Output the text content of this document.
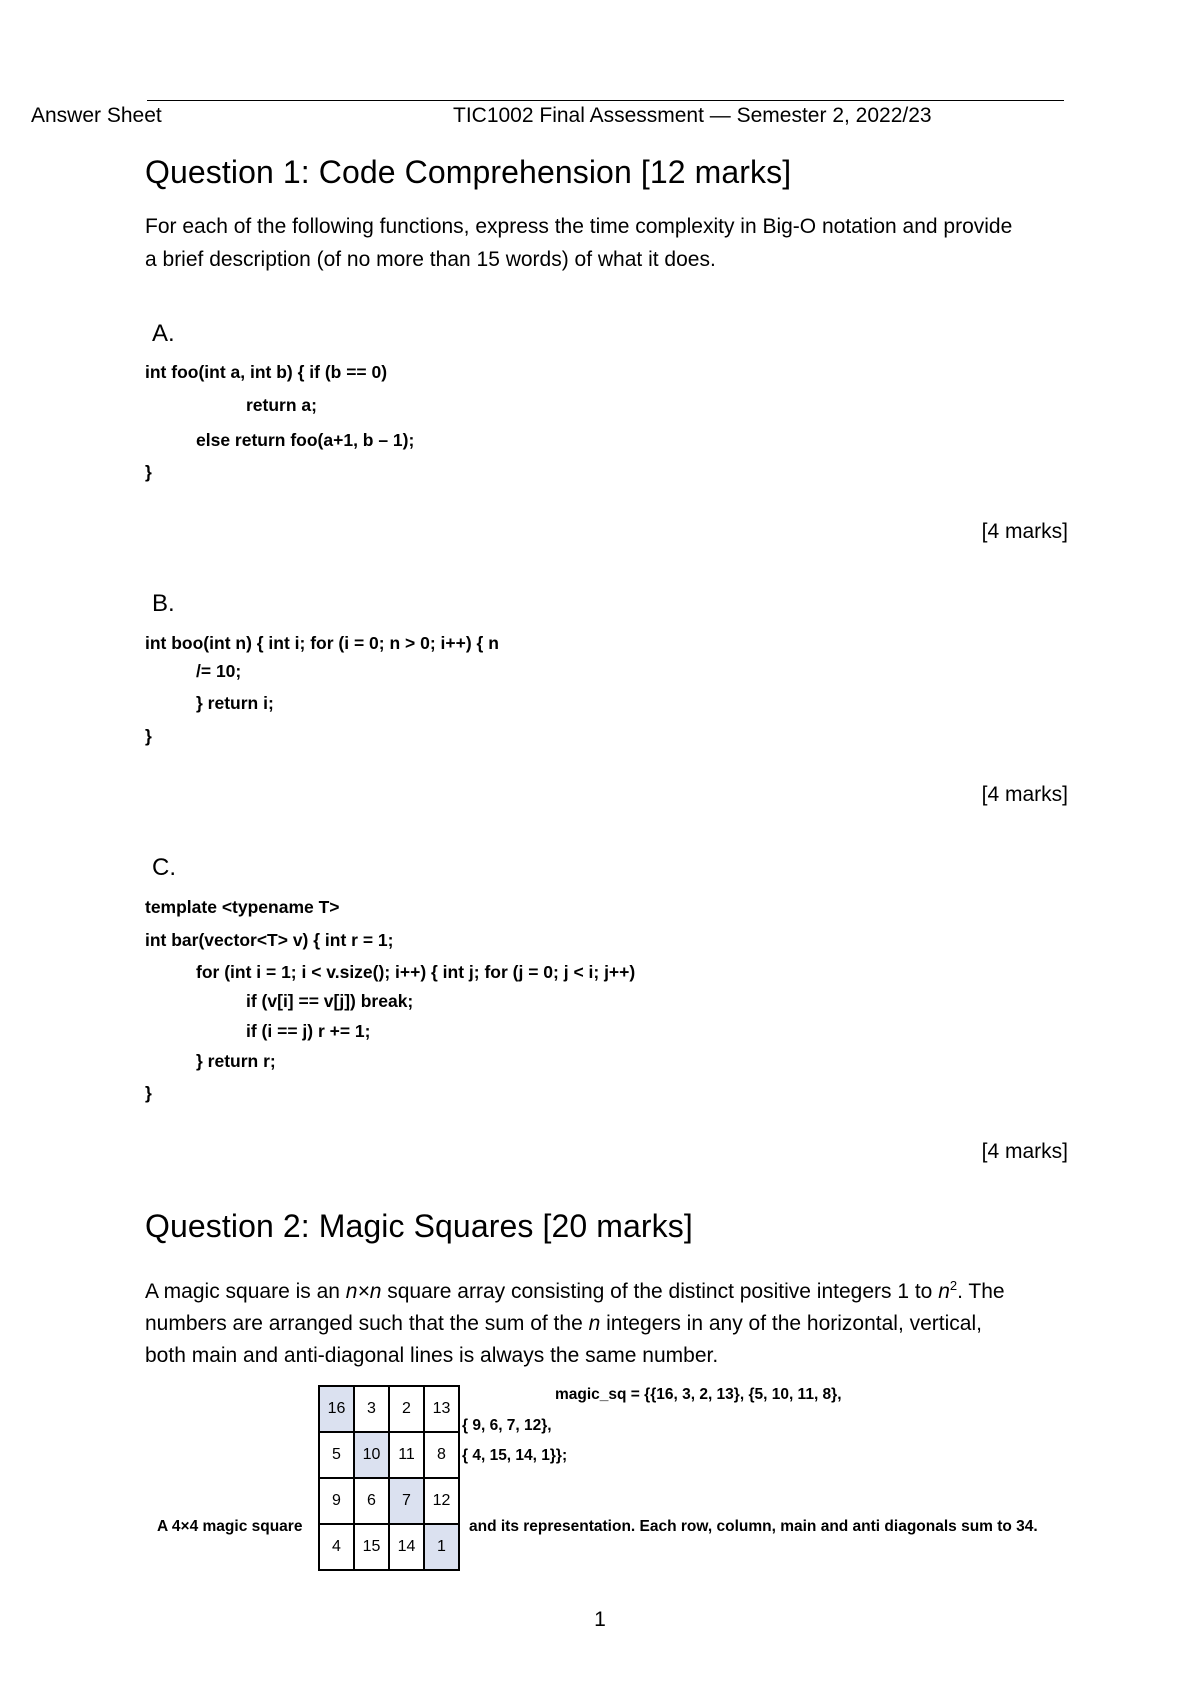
Answer Sheet	TIC1002 Final Assessment — Semester 2, 2022/23
Question 1: Code Comprehension [12 marks]
For each of the following functions, express the time complexity in Big-O notation and provide
a brief description (of no more than 15 words) of what it does.
A.
int foo(int a, int b) { if (b == 0)
return a;
else return foo(a+1, b – 1);
}
[4 marks]
B.
int boo(int n) { int i; for (i = 0; n > 0; i++) { n
/= 10;
} return i;
}
[4 marks]
C.
template <typename T>
int bar(vector<T> v) { int r = 1;
for (int i = 1; i < v.size(); i++) { int j; for (j = 0; j < i; j++)
if (v[i] == v[j]) break;
if (i == j) r += 1;
} return r;
}
[4 marks]
Question 2: Magic Squares [20 marks]
A magic square is an n×n square array consisting of the distinct positive integers 1 to $n^2$. The
numbers are arranged such that the sum of the n integers in any of the horizontal, vertical,
both main and anti-diagonal lines is always the same number.
16	3	2	13
5	10	11	8
9	6	7	12
4	15	14	1
magic_sq = {{16, 3, 2, 13}, {5, 10, 11, 8},
{ 9, 6, 7, 12},
{ 4, 15, 14, 1}};
A 4×4 magic square	and its representation. Each row, column, main and anti diagonals sum to 34.
1
